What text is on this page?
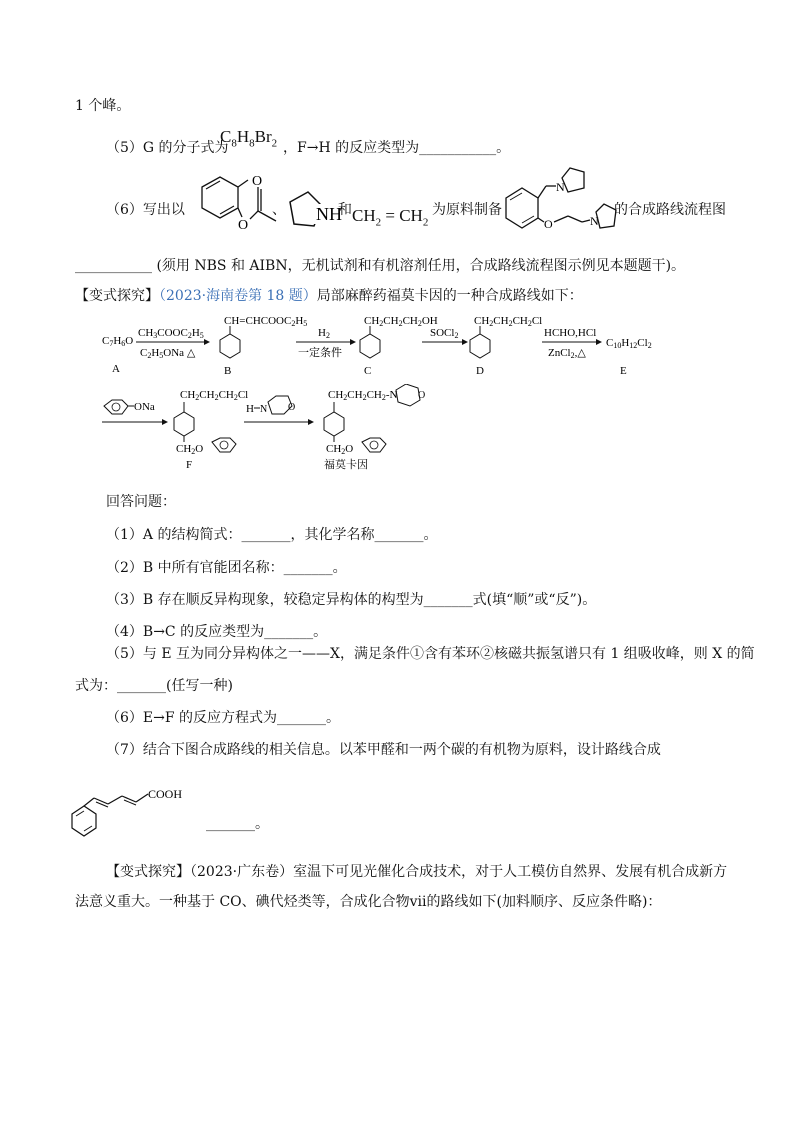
1 个峰。
（5）G 的分子式为
$C_8H_8Br_2$ ，F→H 的反应类型为___________。
（6）写出以
O
O
、 NH
和 $CH_2 = CH_2$
为原料制备
N
O	N
的合成路线流程图
___________ (须用 NBS 和 AIBN，无机试剂和有机溶剂任用，合成路线流程图示例见本题题干)。
【变式探究】（2023·海南卷第 18 题）局部麻醉药福莫卡因的一种合成路线如下：
C7H6O
A
CH3COOC2H5
C2H5ONa △
CH=CHCOOC2H5
B
H2
一定条件
CH2CH2CH2OH
C
SOCl2
CH2CH2CH2Cl
D
HCHO,HCl
ZnCl2,△
C10H12Cl2
E
ONa
CH2CH2CH2Cl
CH2O
F
H N O
CH2CH2CH2-N O
CH2O
福莫卡因
回答问题：
（1）A 的结构简式：_______，其化学名称_______。
（2）B 中所有官能团名称：_______。
（3）B 存在顺反异构现象，较稳定异构体的构型为_______式(填“顺”或“反”)。
（4）B→C 的反应类型为_______。
（5）与 E 互为同分异构体之一——X，满足条件①含有苯环②核磁共振氢谱只有 1 组吸收峰，则 X 的简
式为：_______(任写一种)
（6）E→F 的反应方程式为_______。
（7）结合下图合成路线的相关信息。以苯甲醛和一两个碳的有机物为原料，设计路线合成
COOH
_______。
【变式探究】（2023·广东卷）室温下可见光催化合成技术，对于人工模仿自然界、发展有机合成新方
法意义重大。一种基于 CO、碘代烃类等，合成化合物ⅶ的路线如下(加料顺序、反应条件略)：
